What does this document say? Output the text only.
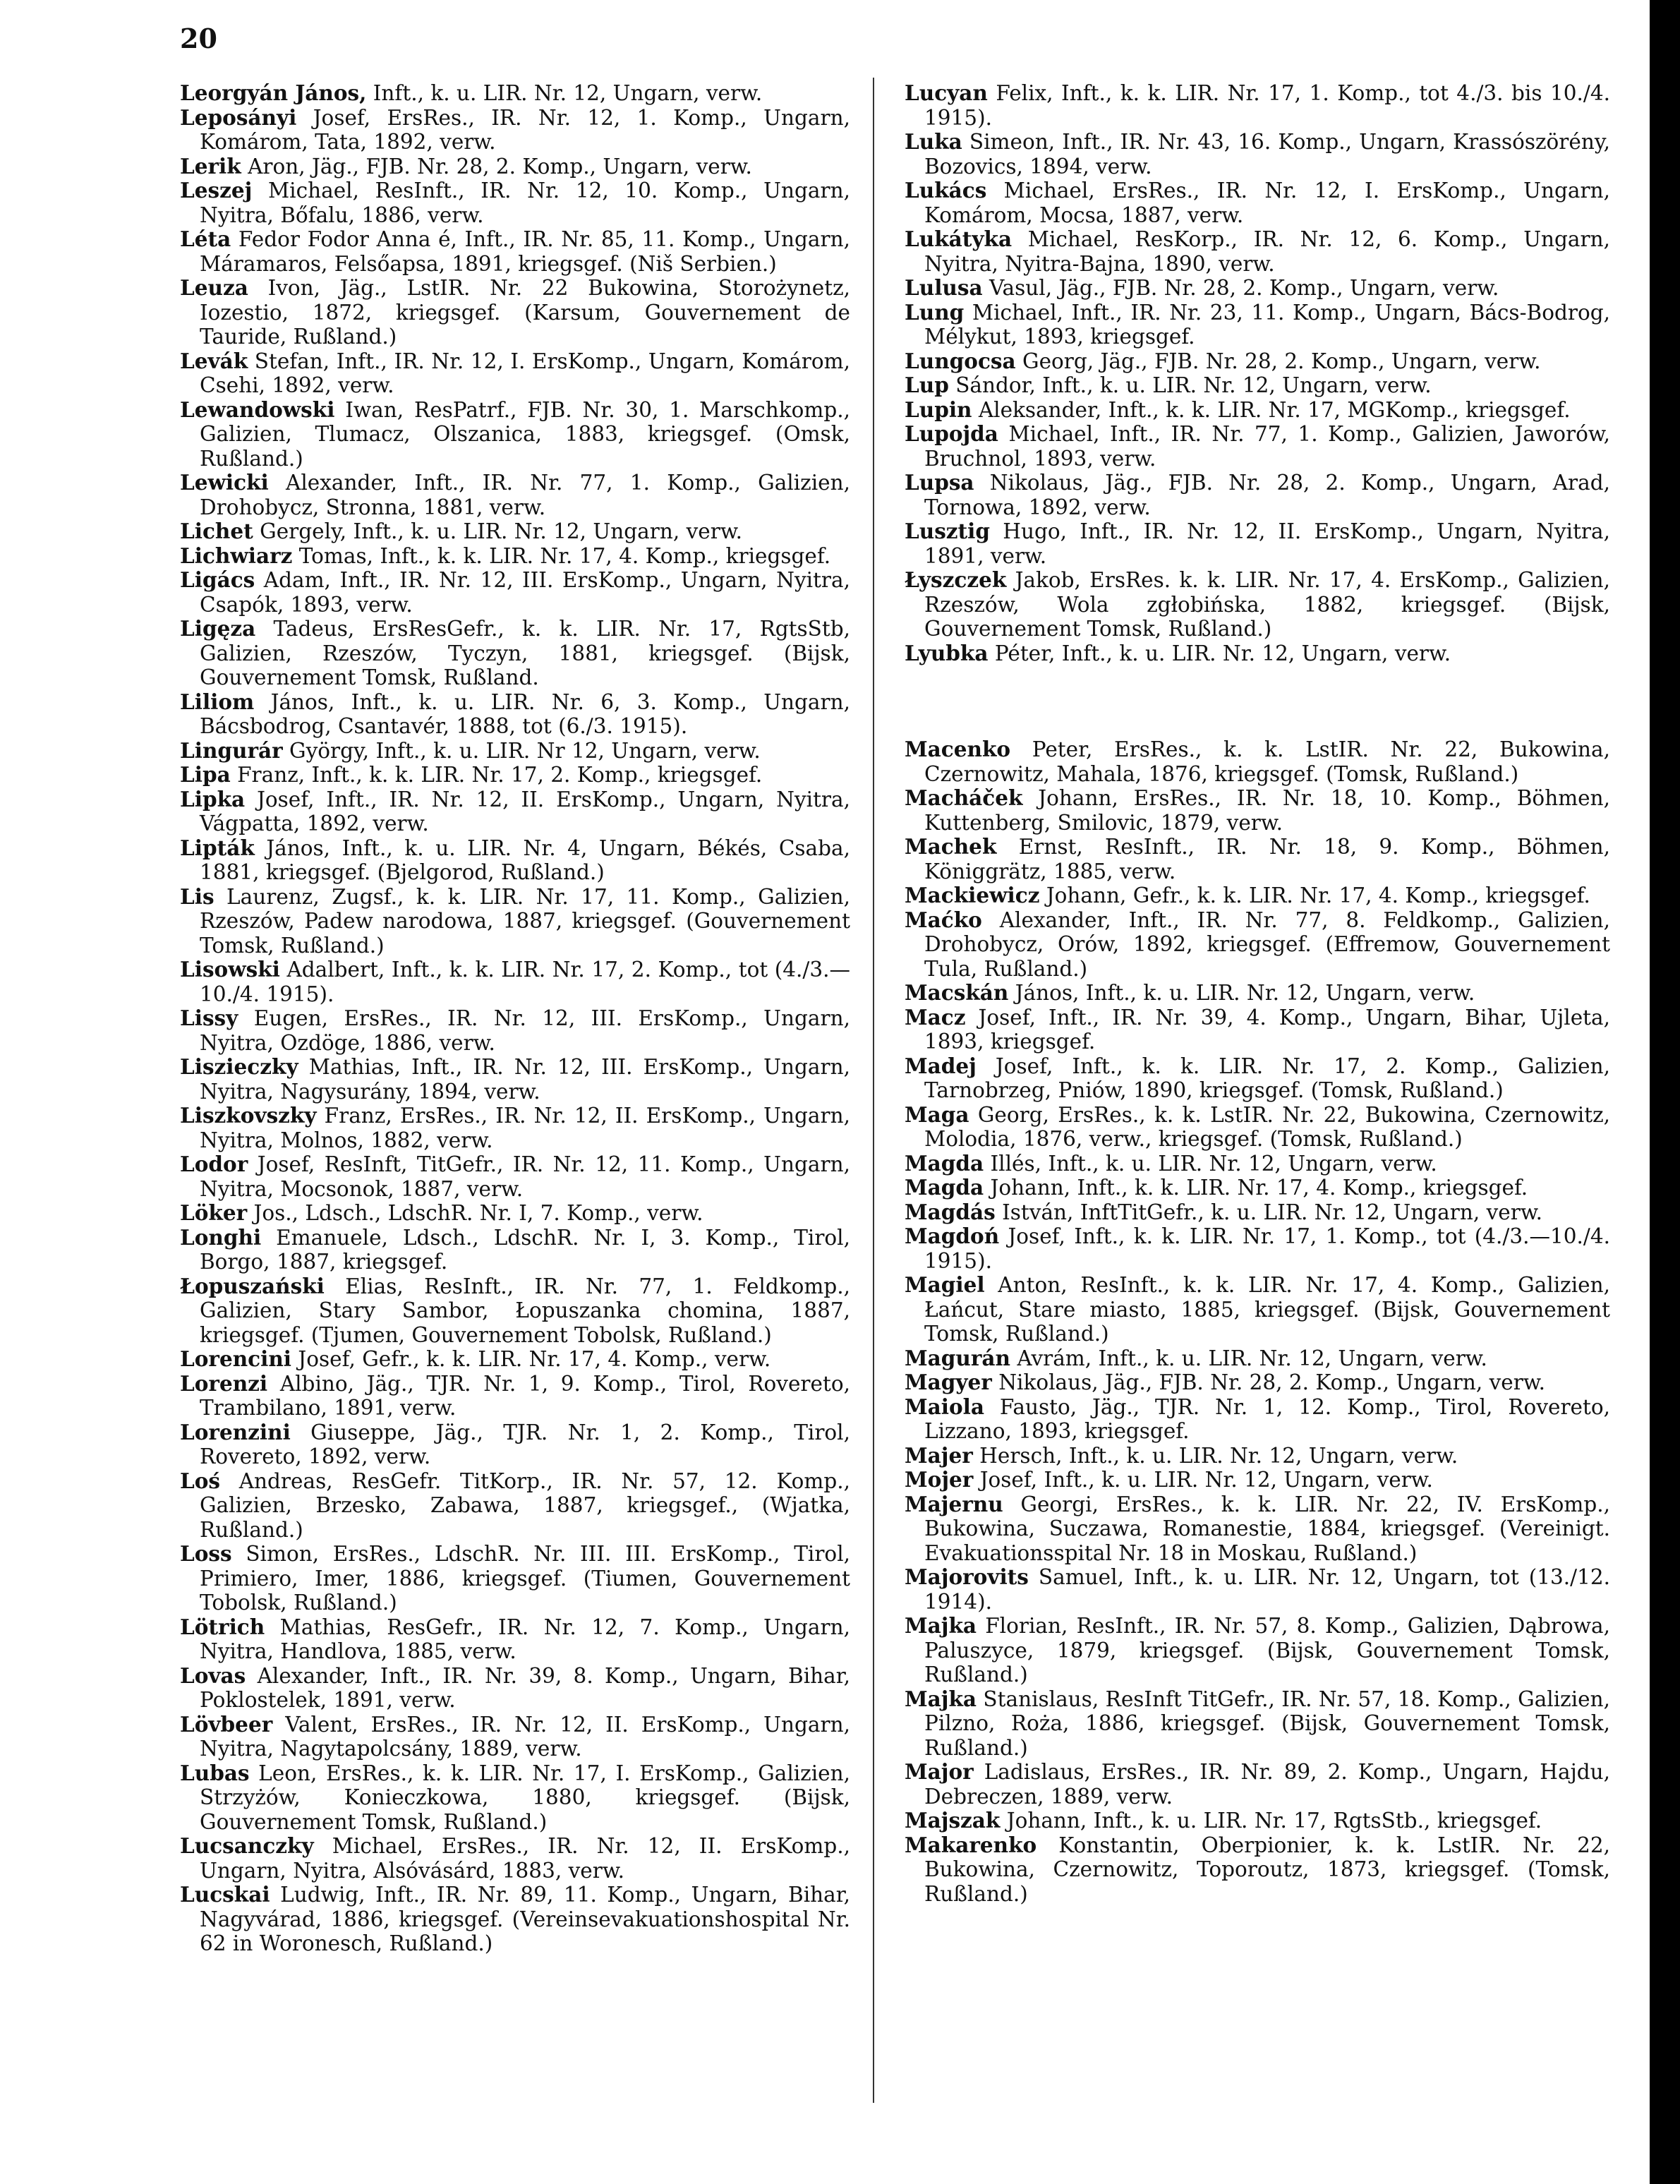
20

Leorgyán János, Inft., k. u. LIR. Nr. 12, Ungarn, verw.

Leposányi Josef, ErsRes., IR. Nr. 12, 1. Komp., Ungarn, Komárom, Tata, 1892, verw.

Lerik Aron, Jäg., FJB. Nr. 28, 2. Komp., Ungarn, verw.

Leszej Michael, ResInft., IR. Nr. 12, 10. Komp., Ungarn, Nyitra, Bőfalu, 1886, verw.

Léta Fedor Fodor Anna é, Inft., IR. Nr. 85, 11. Komp., Ungarn, Máramaros, Felsőapsa, 1891, kriegsgef. (Niš Serbien.)

Leuza Ivon, Jäg., LstIR. Nr. 22 Bukowina, Storożynetz, Iozestio, 1872, kriegsgef. (Karsum, Gouvernement de Tauride, Rußland.)

Levák Stefan, Inft., IR. Nr. 12, I. ErsKomp., Ungarn, Komárom, Csehi, 1892, verw.

Lewandowski Iwan, ResPatrf., FJB. Nr. 30, 1. Marschkomp., Galizien, Tlumacz, Olszanica, 1883, kriegsgef. (Omsk, Rußland.)

Lewicki Alexander, Inft., IR. Nr. 77, 1. Komp., Galizien, Drohobycz, Stronna, 1881, verw.

Lichet Gergely, Inft., k. u. LIR. Nr. 12, Ungarn, verw.

Lichwiarz Tomas, Inft., k. k. LIR. Nr. 17, 4. Komp., kriegsgef.

Ligács Adam, Inft., IR. Nr. 12, III. ErsKomp., Ungarn, Nyitra, Csapók, 1893, verw.

Ligęza Tadeus, ErsResGefr., k. k. LIR. Nr. 17, RgtsStb, Galizien, Rzeszów, Tyczyn, 1881, kriegsgef. (Bijsk, Gouvernement Tomsk, Rußland.

Liliom János, Inft., k. u. LIR. Nr. 6, 3. Komp., Ungarn, Bácsbodrog, Csantavér, 1888, tot (6./3. 1915).

Lingurár György, Inft., k. u. LIR. Nr 12, Ungarn, verw.

Lipa Franz, Inft., k. k. LIR. Nr. 17, 2. Komp., kriegsgef.

Lipka Josef, Inft., IR. Nr. 12, II. ErsKomp., Ungarn, Nyitra, Vágpatta, 1892, verw.

Lipták János, Inft., k. u. LIR. Nr. 4, Ungarn, Békés, Csaba, 1881, kriegsgef. (Bjelgorod, Rußland.)

Lis Laurenz, Zugsf., k. k. LIR. Nr. 17, 11. Komp., Galizien, Rzeszów, Padew narodowa, 1887, kriegsgef. (Gouvernement Tomsk, Rußland.)

Lisowski Adalbert, Inft., k. k. LIR. Nr. 17, 2. Komp., tot (4./3.—10./4. 1915).

Lissy Eugen, ErsRes., IR. Nr. 12, III. ErsKomp., Ungarn, Nyitra, Ozdöge, 1886, verw.

Liszieczky Mathias, Inft., IR. Nr. 12, III. ErsKomp., Ungarn, Nyitra, Nagysurány, 1894, verw.

Liszkovszky Franz, ErsRes., IR. Nr. 12, II. ErsKomp., Ungarn, Nyitra, Molnos, 1882, verw.

Lodor Josef, ResInft, TitGefr., IR. Nr. 12, 11. Komp., Ungarn, Nyitra, Mocsonok, 1887, verw.

Löker Jos., Ldsch., LdschR. Nr. I, 7. Komp., verw.

Longhi Emanuele, Ldsch., LdschR. Nr. I, 3. Komp., Tirol, Borgo, 1887, kriegsgef.

Łopuszański Elias, ResInft., IR. Nr. 77, 1. Feldkomp., Galizien, Stary Sambor, Łopuszanka chomina, 1887, kriegsgef. (Tjumen, Gouvernement Tobolsk, Rußland.)

Lorencini Josef, Gefr., k. k. LIR. Nr. 17, 4. Komp., verw.

Lorenzi Albino, Jäg., TJR. Nr. 1, 9. Komp., Tirol, Rovereto, Trambilano, 1891, verw.

Lorenzini Giuseppe, Jäg., TJR. Nr. 1, 2. Komp., Tirol, Rovereto, 1892, verw.

Loś Andreas, ResGefr. TitKorp., IR. Nr. 57, 12. Komp., Galizien, Brzesko, Zabawa, 1887, kriegsgef., (Wjatka, Rußland.)

Loss Simon, ErsRes., LdschR. Nr. III. III. ErsKomp., Tirol, Primiero, Imer, 1886, kriegsgef. (Tiumen, Gouvernement Tobolsk, Rußland.)

Lötrich Mathias, ResGefr., IR. Nr. 12, 7. Komp., Ungarn, Nyitra, Handlova, 1885, verw.

Lovas Alexander, Inft., IR. Nr. 39, 8. Komp., Ungarn, Bihar, Poklostelek, 1891, verw.

Lövbeer Valent, ErsRes., IR. Nr. 12, II. ErsKomp., Ungarn, Nyitra, Nagytapolcsány, 1889, verw.

Lubas Leon, ErsRes., k. k. LIR. Nr. 17, I. ErsKomp., Galizien, Strzyżów, Konieczkowa, 1880, kriegsgef. (Bijsk, Gouvernement Tomsk, Rußland.)

Lucsanczky Michael, ErsRes., IR. Nr. 12, II. ErsKomp., Ungarn, Nyitra, Alsóvásárd, 1883, verw.

Lucskai Ludwig, Inft., IR. Nr. 89, 11. Komp., Ungarn, Bihar, Nagyvárad, 1886, kriegsgef. (Vereinsevakuationshospital Nr. 62 in Woronesch, Rußland.)

Lucyan Felix, Inft., k. k. LIR. Nr. 17, 1. Komp., tot 4./3. bis 10./4. 1915).

Luka Simeon, Inft., IR. Nr. 43, 16. Komp., Ungarn, Krassószörény, Bozovics, 1894, verw.

Lukács Michael, ErsRes., IR. Nr. 12, I. ErsKomp., Ungarn, Komárom, Mocsa, 1887, verw.

Lukátyka Michael, ResKorp., IR. Nr. 12, 6. Komp., Ungarn, Nyitra, Nyitra-Bajna, 1890, verw.

Lulusa Vasul, Jäg., FJB. Nr. 28, 2. Komp., Ungarn, verw.

Lung Michael, Inft., IR. Nr. 23, 11. Komp., Ungarn, Bács-Bodrog, Mélykut, 1893, kriegsgef.

Lungocsa Georg, Jäg., FJB. Nr. 28, 2. Komp., Ungarn, verw.

Lup Sándor, Inft., k. u. LIR. Nr. 12, Ungarn, verw.

Lupin Aleksander, Inft., k. k. LIR. Nr. 17, MGKomp., kriegsgef.

Lupojda Michael, Inft., IR. Nr. 77, 1. Komp., Galizien, Jaworów, Bruchnol, 1893, verw.

Lupsa Nikolaus, Jäg., FJB. Nr. 28, 2. Komp., Ungarn, Arad, Tornowa, 1892, verw.

Lusztig Hugo, Inft., IR. Nr. 12, II. ErsKomp., Ungarn, Nyitra, 1891, verw.

Łyszczek Jakob, ErsRes. k. k. LIR. Nr. 17, 4. ErsKomp., Galizien, Rzeszów, Wola zgłobińska, 1882, kriegsgef. (Bijsk, Gouvernement Tomsk, Rußland.)

Lyubka Péter, Inft., k. u. LIR. Nr. 12, Ungarn, verw.

Macenko Peter, ErsRes., k. k. LstIR. Nr. 22, Bukowina, Czernowitz, Mahala, 1876, kriegsgef. (Tomsk, Rußland.)

Macháček Johann, ErsRes., IR. Nr. 18, 10. Komp., Böhmen, Kuttenberg, Smilovic, 1879, verw.

Machek Ernst, ResInft., IR. Nr. 18, 9. Komp., Böhmen, Königgrätz, 1885, verw.

Mackiewicz Johann, Gefr., k. k. LIR. Nr. 17, 4. Komp., kriegsgef.

Maćko Alexander, Inft., IR. Nr. 77, 8. Feldkomp., Galizien, Drohobycz, Orów, 1892, kriegsgef. (Effremow, Gouvernement Tula, Rußland.)

Macskán János, Inft., k. u. LIR. Nr. 12, Ungarn, verw.

Macz Josef, Inft., IR. Nr. 39, 4. Komp., Ungarn, Bihar, Ujleta, 1893, kriegsgef.

Madej Josef, Inft., k. k. LIR. Nr. 17, 2. Komp., Galizien, Tarnobrzeg, Pniów, 1890, kriegsgef. (Tomsk, Rußland.)

Maga Georg, ErsRes., k. k. LstIR. Nr. 22, Bukowina, Czernowitz, Molodia, 1876, verw., kriegsgef. (Tomsk, Rußland.)

Magda Illés, Inft., k. u. LIR. Nr. 12, Ungarn, verw.

Magda Johann, Inft., k. k. LIR. Nr. 17, 4. Komp., kriegsgef.

Magdás István, InftTitGefr., k. u. LIR. Nr. 12, Ungarn, verw.

Magdoń Josef, Inft., k. k. LIR. Nr. 17, 1. Komp., tot (4./3.—10./4. 1915).

Magiel Anton, ResInft., k. k. LIR. Nr. 17, 4. Komp., Galizien, Łańcut, Stare miasto, 1885, kriegsgef. (Bijsk, Gouvernement Tomsk, Rußland.)

Magurán Avrám, Inft., k. u. LIR. Nr. 12, Ungarn, verw.

Magyer Nikolaus, Jäg., FJB. Nr. 28, 2. Komp., Ungarn, verw.

Maiola Fausto, Jäg., TJR. Nr. 1, 12. Komp., Tirol, Rovereto, Lizzano, 1893, kriegsgef.

Majer Hersch, Inft., k. u. LIR. Nr. 12, Ungarn, verw.

Mojer Josef, Inft., k. u. LIR. Nr. 12, Ungarn, verw.

Majernu Georgi, ErsRes., k. k. LIR. Nr. 22, IV. ErsKomp., Bukowina, Suczawa, Romanestie, 1884, kriegsgef. (Vereinigt. Evakuationsspital Nr. 18 in Moskau, Rußland.)

Majorovits Samuel, Inft., k. u. LIR. Nr. 12, Ungarn, tot (13./12. 1914).

Majka Florian, ResInft., IR. Nr. 57, 8. Komp., Galizien, Dąbrowa, Paluszyce, 1879, kriegsgef. (Bijsk, Gouvernement Tomsk, Rußland.)

Majka Stanislaus, ResInft TitGefr., IR. Nr. 57, 18. Komp., Galizien, Pilzno, Roża, 1886, kriegsgef. (Bijsk, Gouvernement Tomsk, Rußland.)

Major Ladislaus, ErsRes., IR. Nr. 89, 2. Komp., Ungarn, Hajdu, Debreczen, 1889, verw.

Majszak Johann, Inft., k. u. LIR. Nr. 17, RgtsStb., kriegsgef.

Makarenko Konstantin, Oberpionier, k. k. LstIR. Nr. 22, Bukowina, Czernowitz, Toporoutz, 1873, kriegsgef. (Tomsk, Rußland.)
